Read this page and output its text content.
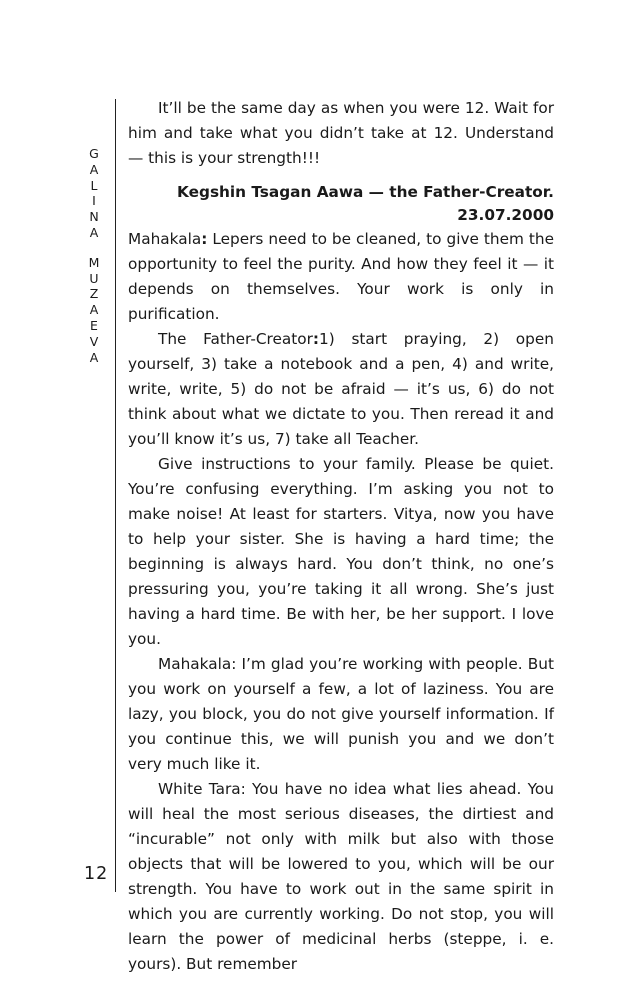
G
A
L
I
N
A
M
U
Z
A
E
V
A
12

It’ll be the same day as when you were 12. Wait for him and take what you didn’t take at 12. Understand — this is your strength!!!

Kegshin Tsagan Aawa — the Father-Creator.
23.07.2000

Mahakala: Lepers need to be cleaned, to give them the opportunity to feel the purity. And how they feel it — it depends on themselves. Your work is only in purification.

The Father-Creator:1) start praying, 2) open yourself, 3) take a notebook and a pen, 4) and write, write, write, 5) do not be afraid — it’s us, 6) do not think about what we dictate to you. Then reread it and you’ll know it’s us, 7) take all Teacher.

Give instructions to your family. Please be quiet. You’re confusing everything. I’m asking you not to make noise! At least for starters. Vitya, now you have to help your sister. She is having a hard time; the beginning is always hard. You don’t think, no one’s pressuring you, you’re taking it all wrong. She’s just having a hard time. Be with her, be her support. I love you.

Mahakala: I’m glad you’re working with people. But you work on yourself a few, a lot of laziness. You are lazy, you block, you do not give yourself information. If you continue this, we will punish you and we don’t very much like it.

White Tara: You have no idea what lies ahead. You will heal the most serious diseases, the dirtiest and “incurable” not only with milk but also with those objects that will be lowered to you, which will be our strength. You have to work out in the same spirit in which you are currently working. Do not stop, you will learn the power of medicinal herbs (steppe, i. e. yours). But remember
